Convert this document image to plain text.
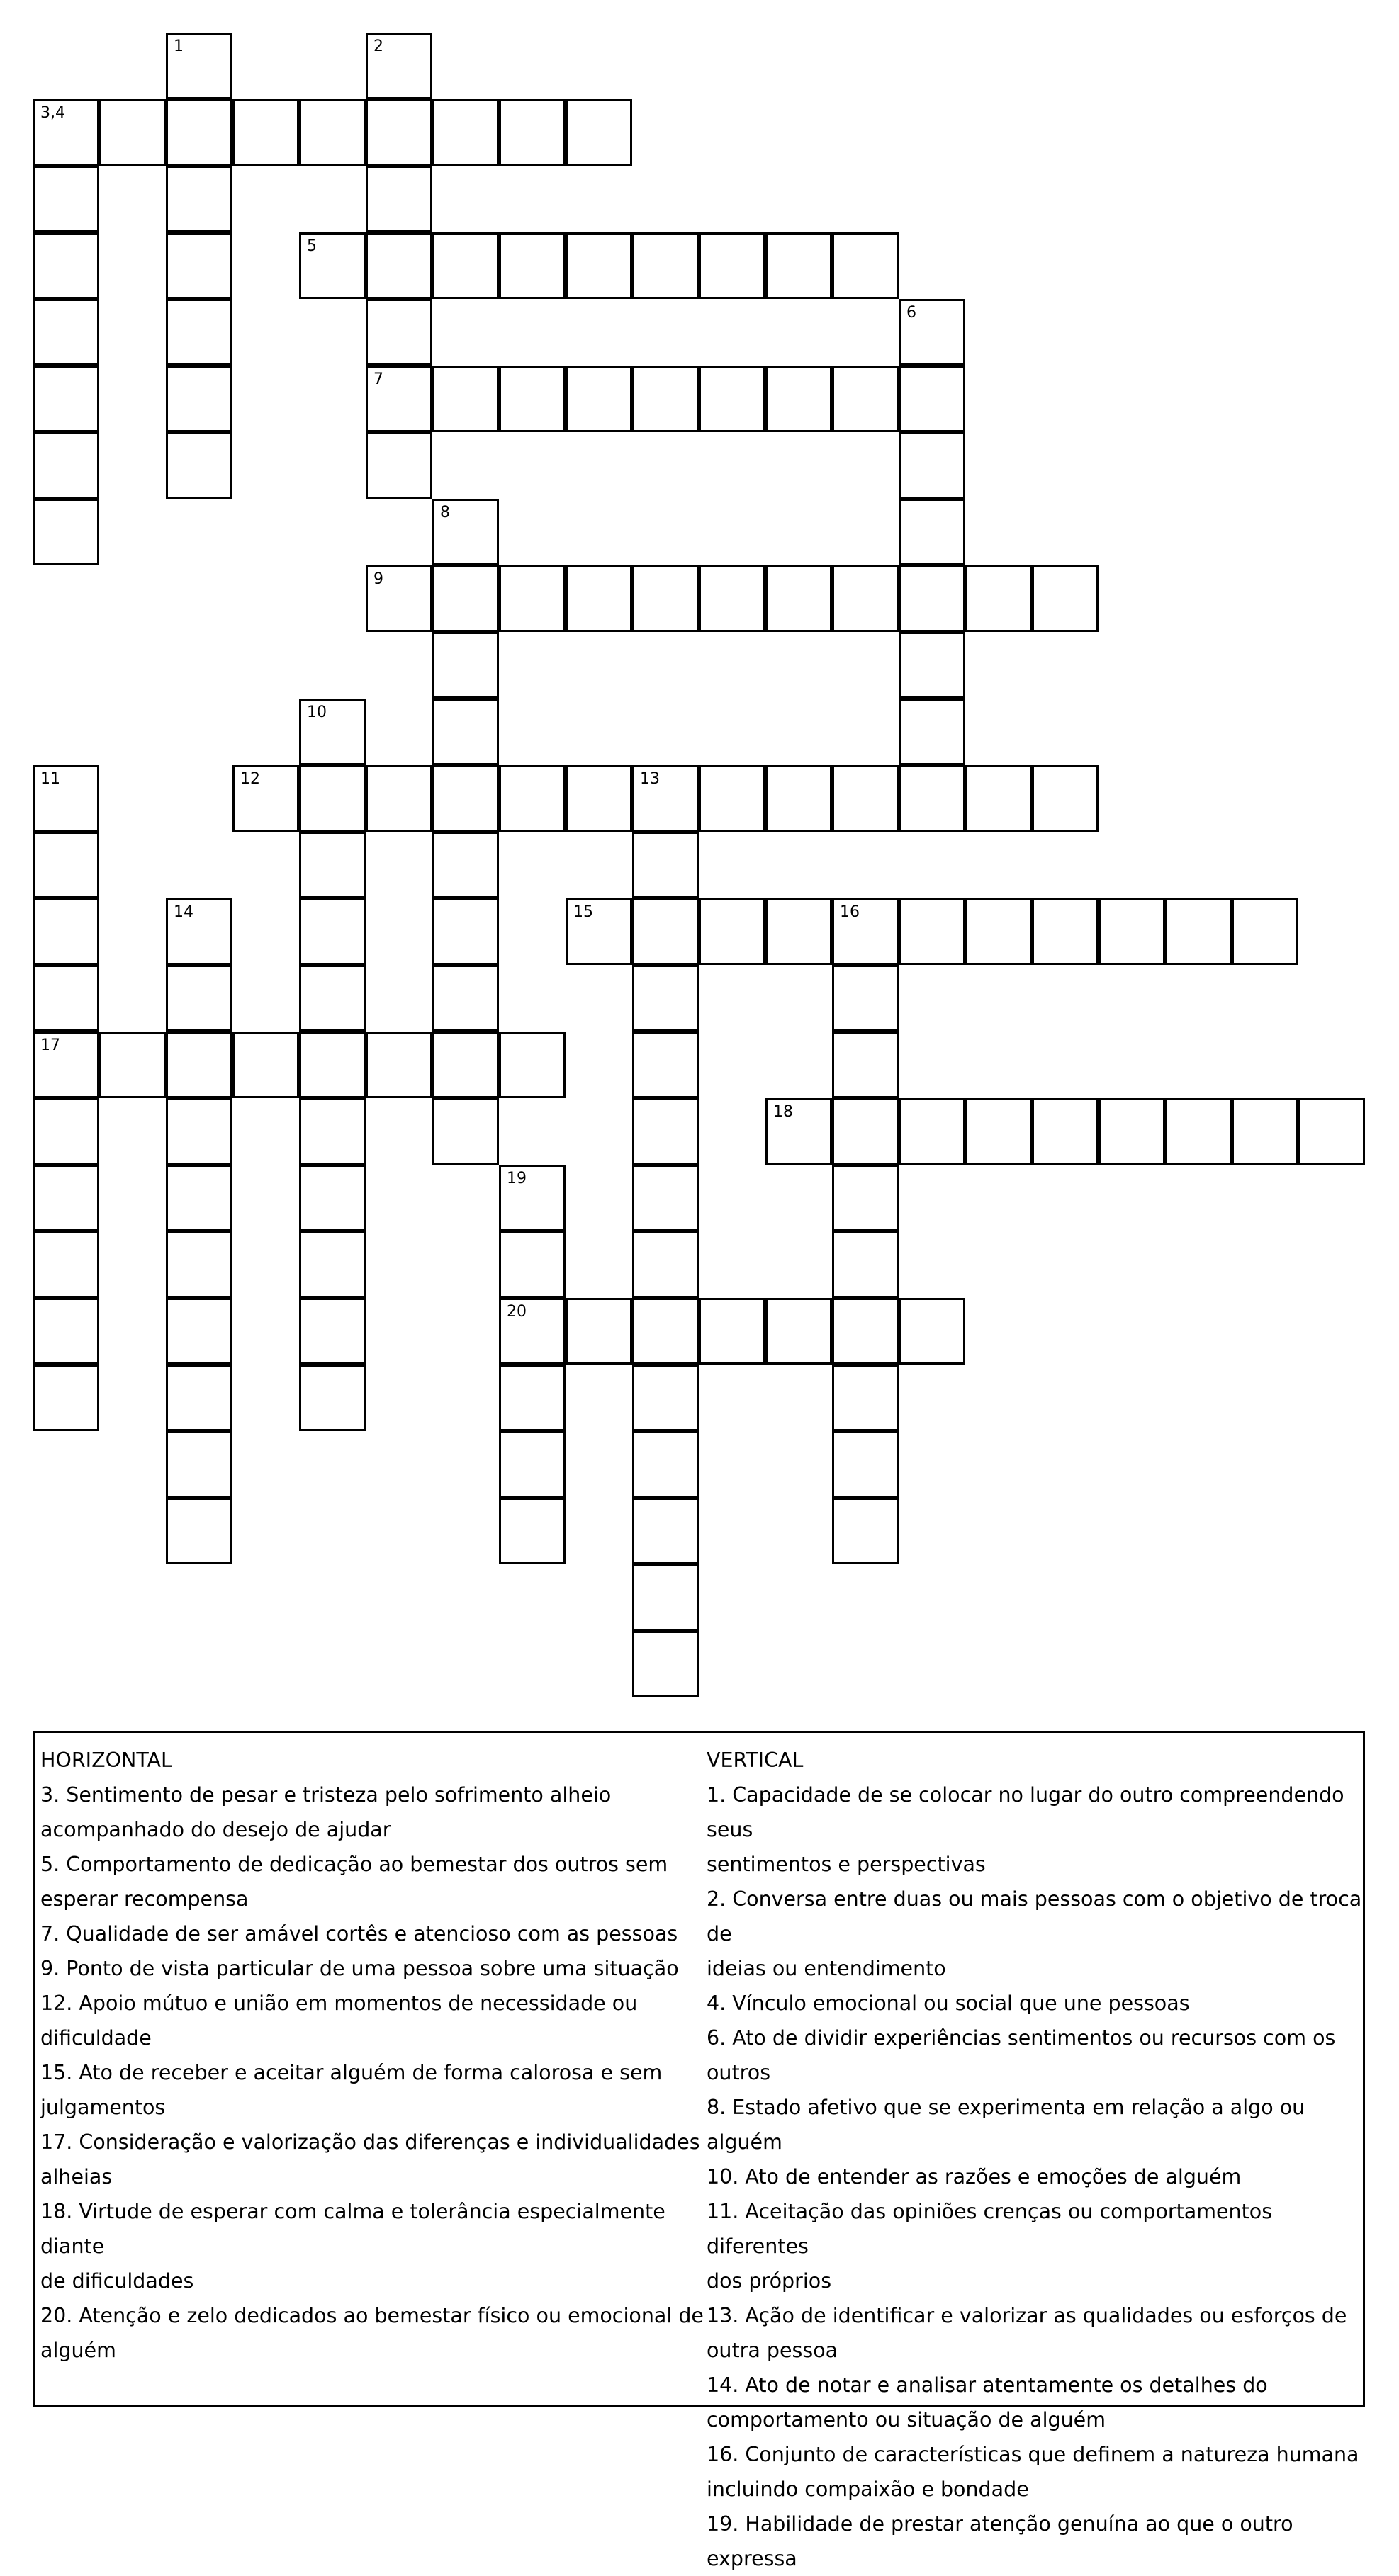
1	2
3,4
5
6
7
8
9
10
11	12	13
14	15	16
17
18
19
20
HORIZONTAL
3. Sentimento de pesar e tristeza pelo sofrimento alheio
acompanhado do desejo de ajudar
5. Comportamento de dedicação ao bemestar dos outros sem
esperar recompensa
7. Qualidade de ser amável cortês e atencioso com as pessoas
9. Ponto de vista particular de uma pessoa sobre uma situação
12. Apoio mútuo e união em momentos de necessidade ou
dificuldade
15. Ato de receber e aceitar alguém de forma calorosa e sem
julgamentos
17. Consideração e valorização das diferenças e individualidades
alheias
18. Virtude de esperar com calma e tolerância especialmente diante
de dificuldades
20. Atenção e zelo dedicados ao bemestar físico ou emocional de
alguém
VERTICAL
1. Capacidade de se colocar no lugar do outro compreendendo seus
sentimentos e perspectivas
2. Conversa entre duas ou mais pessoas com o objetivo de troca de
ideias ou entendimento
4. Vínculo emocional ou social que une pessoas
6. Ato de dividir experiências sentimentos ou recursos com os outros
8. Estado afetivo que se experimenta em relação a algo ou alguém
10. Ato de entender as razões e emoções de alguém
11. Aceitação das opiniões crenças ou comportamentos diferentes
dos próprios
13. Ação de identificar e valorizar as qualidades ou esforços de
outra pessoa
14. Ato de notar e analisar atentamente os detalhes do
comportamento ou situação de alguém
16. Conjunto de características que definem a natureza humana
incluindo compaixão e bondade
19. Habilidade de prestar atenção genuína ao que o outro expressa
